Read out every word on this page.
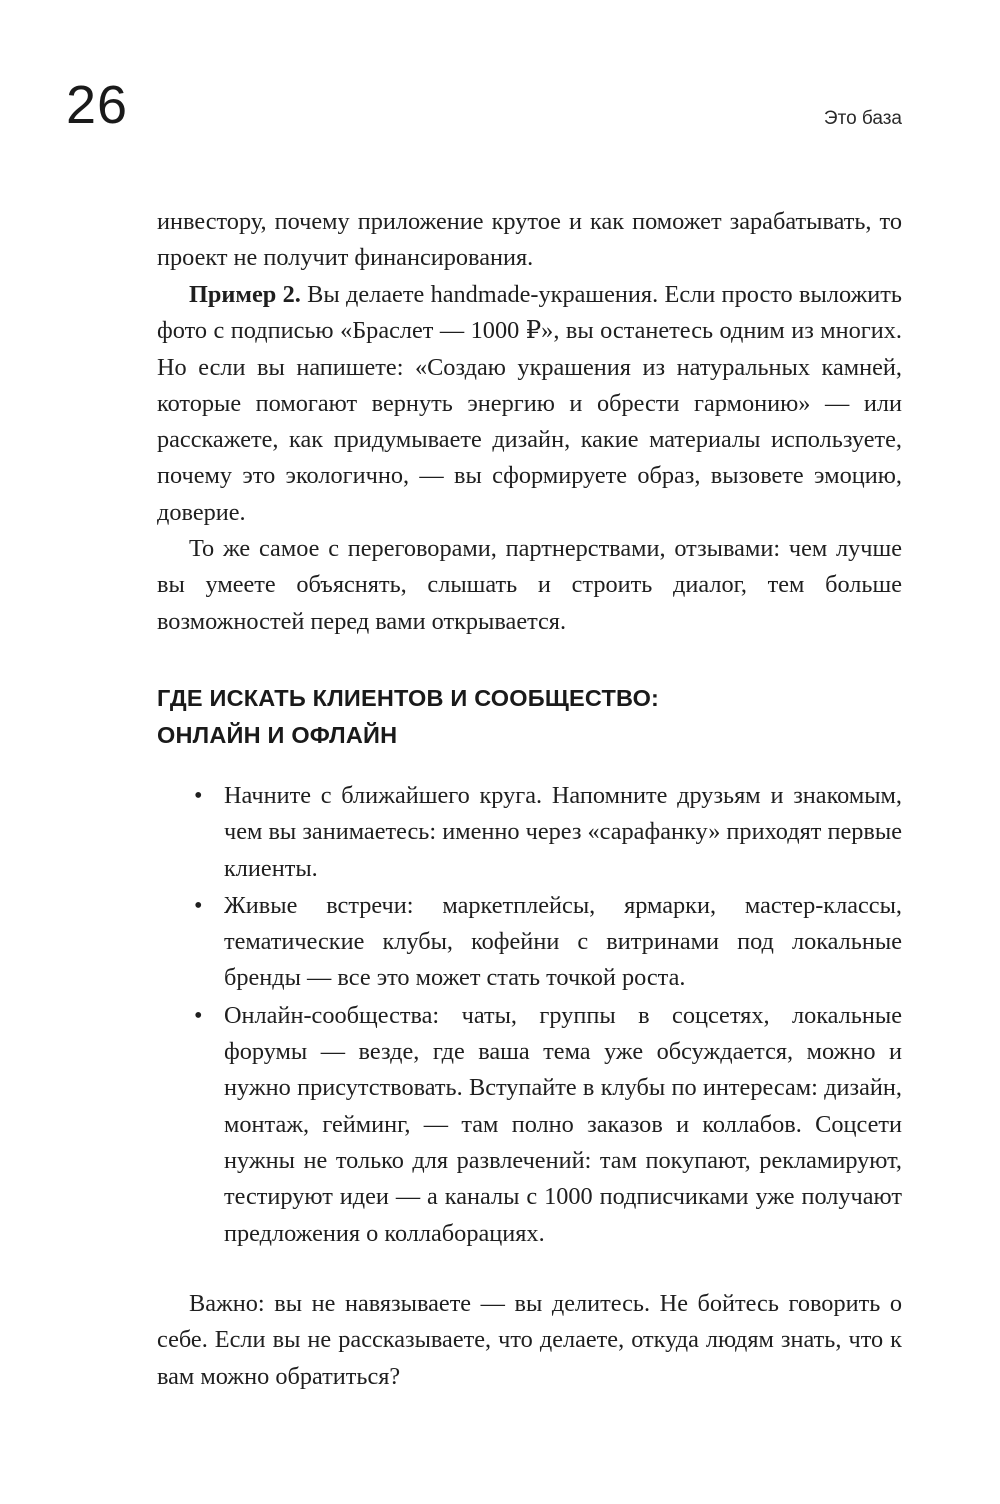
26	Это база

инвестору, почему приложение крутое и как поможет зарабатывать, то проект не получит финансирования.

Пример 2. Вы делаете handmade-украшения. Если просто выложить фото с подписью «Браслет — 1000 ₽», вы останетесь одним из многих. Но если вы напишете: «Создаю украшения из натуральных камней, которые помогают вернуть энергию и обрести гармонию» — или расскажете, как придумываете дизайн, какие материалы используете, почему это экологично, — вы сформируете образ, вызовете эмоцию, доверие.

То же самое с переговорами, партнерствами, отзывами: чем лучше вы умеете объяснять, слышать и строить диалог, тем больше возможностей перед вами открывается.

ГДЕ ИСКАТЬ КЛИЕНТОВ И СООБЩЕСТВО:
ОНЛАЙН И ОФЛАЙН
• Начните с ближайшего круга. Напомните друзьям и знакомым, чем вы занимаетесь: именно через «сарафанку» приходят первые клиенты.
• Живые встречи: маркетплейсы, ярмарки, мастер-классы, тематические клубы, кофейни с витринами под локальные бренды — все это может стать точкой роста.
• Онлайн-сообщества: чаты, группы в соцсетях, локальные форумы — везде, где ваша тема уже обсуждается, можно и нужно присутствовать. Вступайте в клубы по интересам: дизайн, монтаж, гейминг, — там полно заказов и коллабов. Соцсети нужны не только для развлечений: там покупают, рекламируют, тестируют идеи — а каналы с 1000 подписчиками уже получают предложения о коллаборациях.

Важно: вы не навязываете — вы делитесь. Не бойтесь говорить о себе. Если вы не рассказываете, что делаете, откуда людям знать, что к вам можно обратиться?
